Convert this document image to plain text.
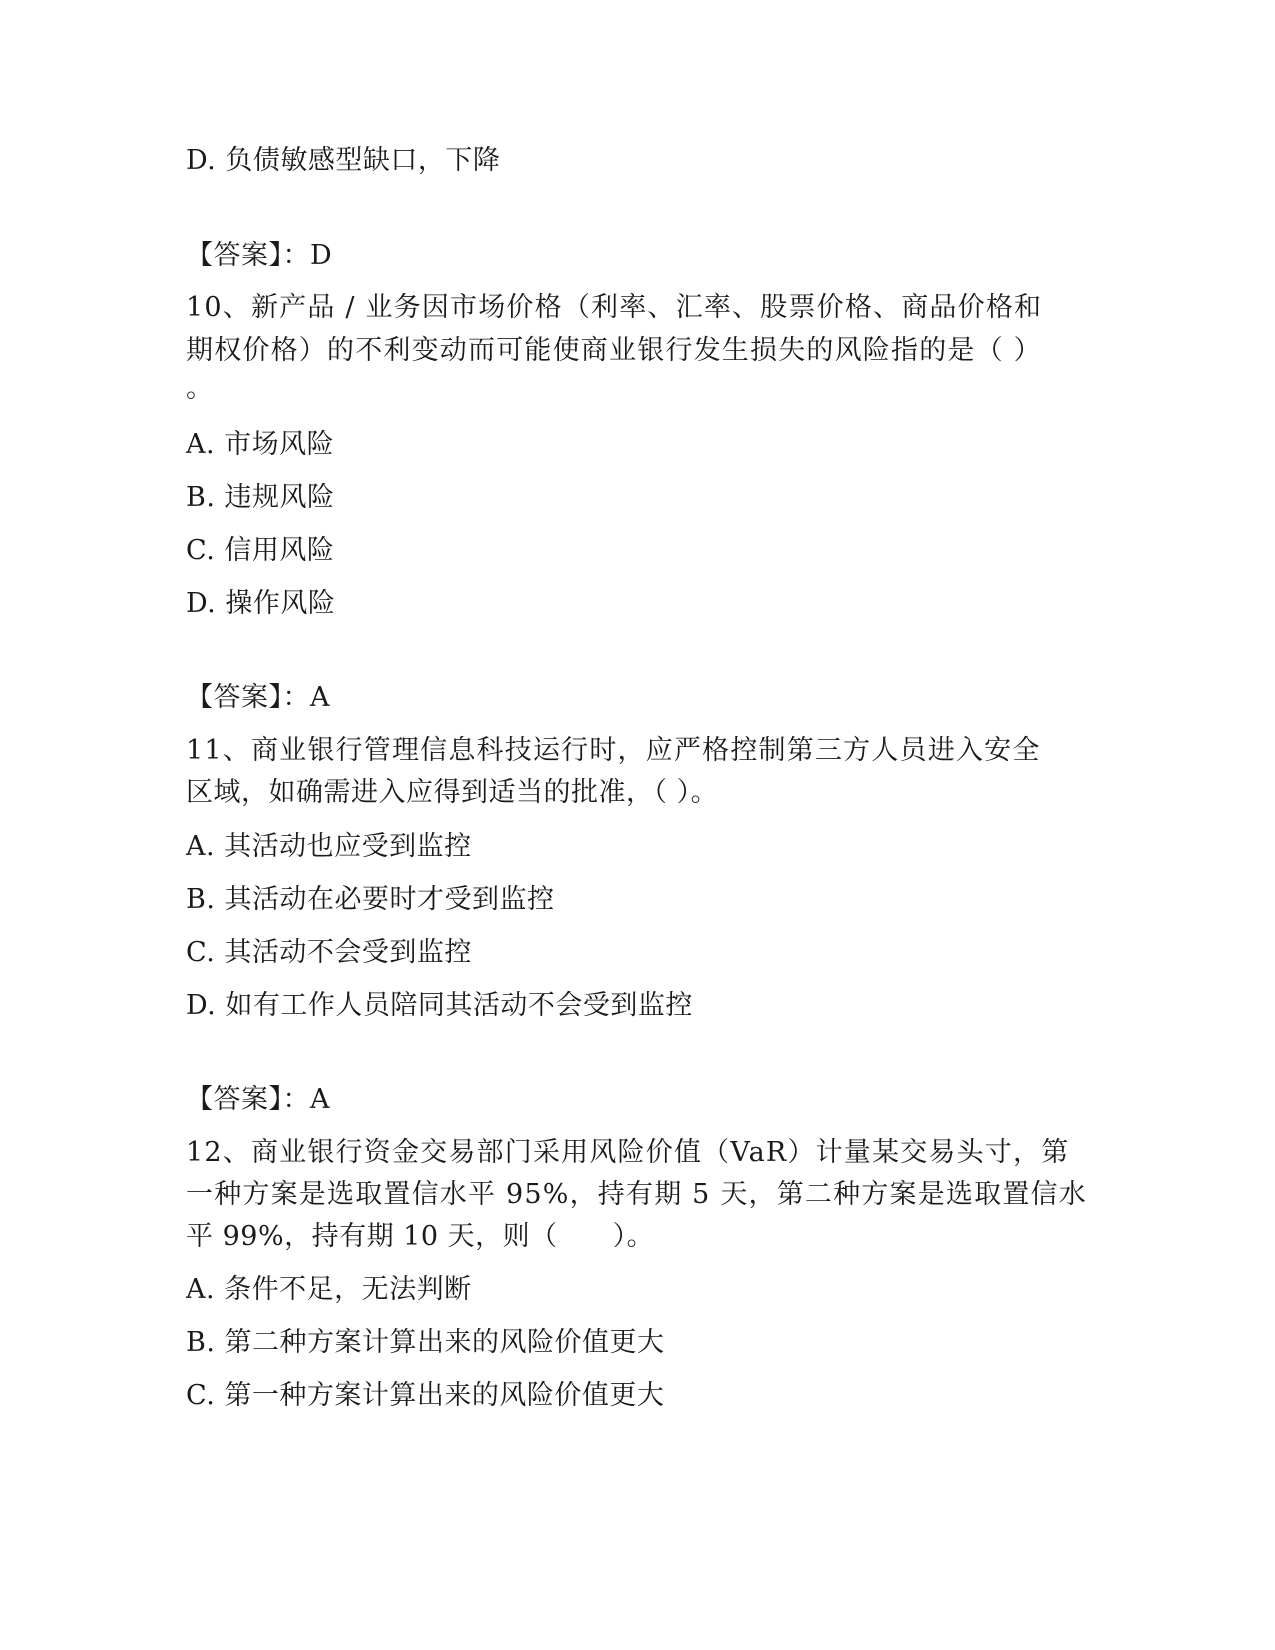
D. 负债敏感型缺口，下降
【答案】：D
10、新产品 / 业务因市场价格（利率、汇率、股票价格、商品价格和
期权价格）的不利变动而可能使商业银行发生损失的风险指的是（ ）
。
A. 市场风险
B. 违规风险
C. 信用风险
D. 操作风险
【答案】：A
11、商业银行管理信息科技运行时，应严格控制第三方人员进入安全
区域，如确需进入应得到适当的批准，（ ）。
A. 其活动也应受到监控
B. 其活动在必要时才受到监控
C. 其活动不会受到监控
D. 如有工作人员陪同其活动不会受到监控
【答案】：A
12、商业银行资金交易部门采用风险价值（VaR）计量某交易头寸，第
一种方案是选取置信水平 95%，持有期 5 天，第二种方案是选取置信水
平 99%，持有期 10 天，则（　　）。
A. 条件不足，无法判断
B. 第二种方案计算出来的风险价值更大
C. 第一种方案计算出来的风险价值更大
